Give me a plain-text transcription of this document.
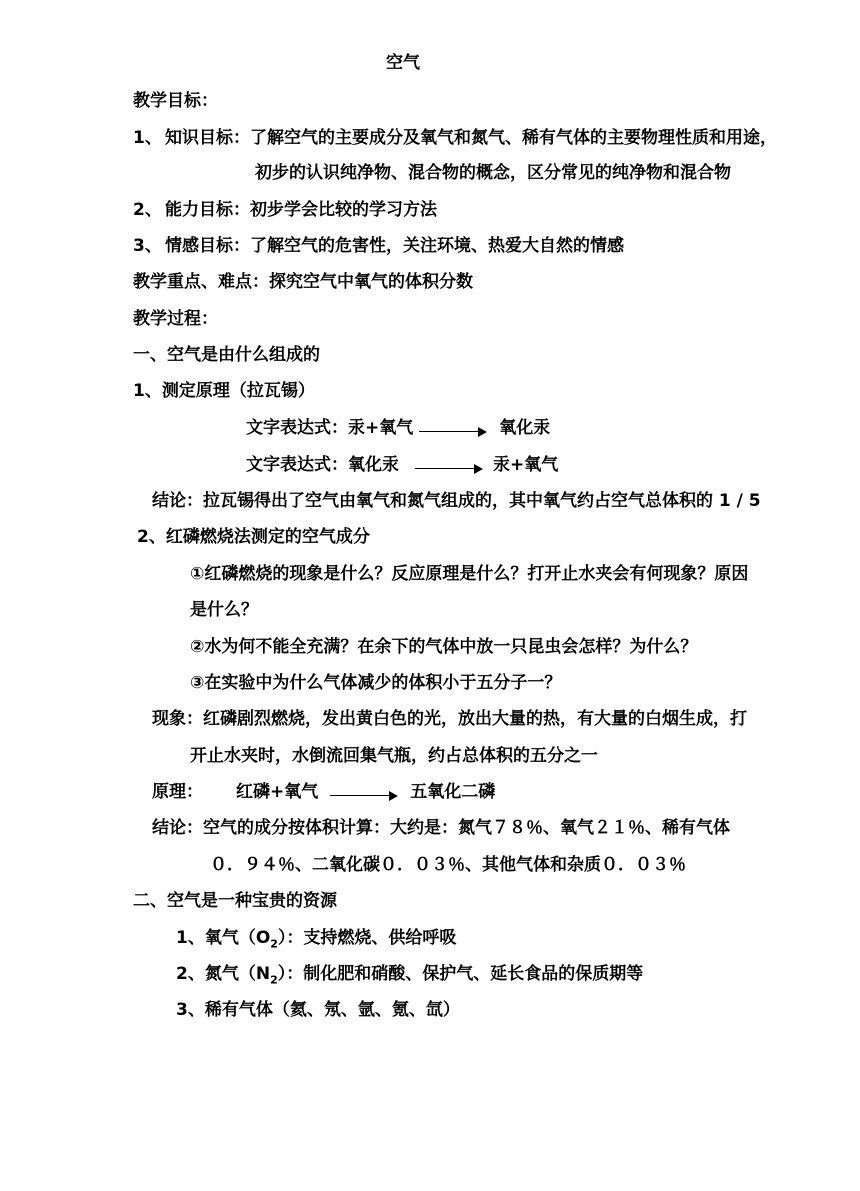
空气
教学目标：
1、 知识目标：了解空气的主要成分及氧气和氮气、稀有气体的主要物理性质和用途，
初步的认识纯净物、混合物的概念，区分常见的纯净物和混合物
2、 能力目标：初步学会比较的学习方法
3、 情感目标：了解空气的危害性，关注环境、热爱大自然的情感
教学重点、难点：探究空气中氧气的体积分数
教学过程：
一、空气是由什么组成的
1、测定原理（拉瓦锡）
文字表达式：汞+氧气	氧化汞
文字表达式：氧化汞	汞+氧气
结论：拉瓦锡得出了空气由氧气和氮气组成的，其中氧气约占空气总体积的 1 / 5
2、红磷燃烧法测定的空气成分
①红磷燃烧的现象是什么？反应原理是什么？打开止水夹会有何现象？原因
是什么？
②水为何不能全充满？在余下的气体中放一只昆虫会怎样？为什么？
③在实验中为什么气体减少的体积小于五分子一？
现象：红磷剧烈燃烧，发出黄白色的光，放出大量的热，有大量的白烟生成，打
开止水夹时，水倒流回集气瓶，约占总体积的五分之一
原理： 红磷+氧气	五氧化二磷
结论：空气的成分按体积计算：大约是：氮气７８％、氧气２１％、稀有气体
０．９４％、二氧化碳０．０３％、其他气体和杂质０．０３％
二、空气是一种宝贵的资源
1、氧气$(O_2)$：支持燃烧、供给呼吸
2、氮气$(N_2)$：制化肥和硝酸、保护气、延长食品的保质期等
3、稀有气体（氦、氖、氩、氪、氙）
